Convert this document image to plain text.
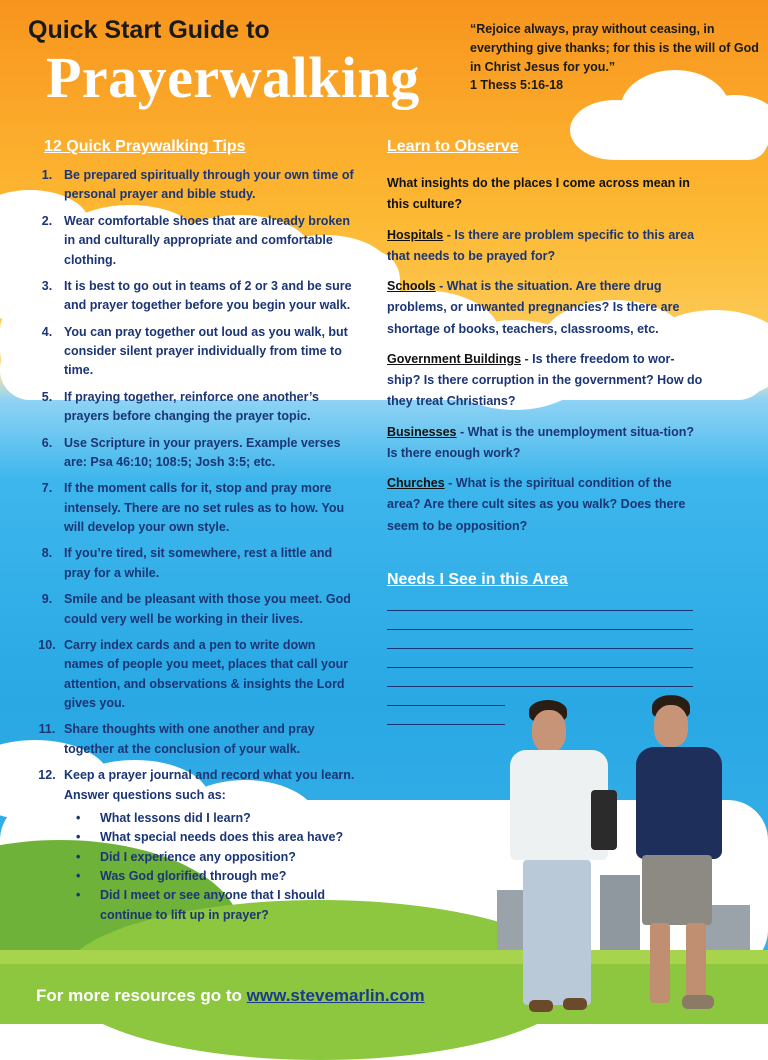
Quick Start Guide to
Prayerwalking
“Rejoice always, pray without ceasing, in everything give thanks; for this is the will of God in Christ Jesus for you.”
1 Thess 5:16-18
12 Quick Praywalking Tips
1. Be prepared spiritually through your own time of personal prayer and bible study.
2. Wear comfortable shoes that are already broken in and culturally appropriate and comfortable clothing.
3. It is best to go out in teams of 2 or 3 and be sure and prayer together before you begin your walk.
4. You can pray together out loud as you walk, but consider silent prayer individually from time to time.
5. If praying together, reinforce one another’s prayers before changing the prayer topic.
6. Use Scripture in your prayers. Example verses are: Psa 46:10; 108:5; Josh 3:5; etc.
7. If the moment calls for it, stop and pray more intensely. There are no set rules as to how. You will develop your own style.
8. If you’re tired, sit somewhere, rest a little and pray for a while.
9. Smile and be pleasant with those you meet. God could very well be working in their lives.
10. Carry index cards and a pen to write down names of people you meet, places that call your attention, and observations & insights the Lord gives you.
11. Share thoughts with one another and pray together at the conclusion of your walk.
12. Keep a prayer journal and record what you learn. Answer questions such as:
•	What lessons did I learn?
•	What special needs does this area have?
•	Did I experience any opposition?
•	Was God glorified through me?
•	Did I meet or see anyone that I should continue to lift up in prayer?
Learn to Observe

What insights do the places I come across mean in this culture?

Hospitals - Is there are problem specific to this area that needs to be prayed for?

Schools - What is the situation. Are there drug problems, or unwanted pregnancies? Is there are shortage of books, teachers, classrooms, etc.

Government Buildings - Is there freedom to wor-ship? Is there corruption in the government? How do they treat Christians?

Businesses - What is the unemployment situa-tion? Is there enough work?

Churches - What is the spiritual condition of the area? Are there cult sites as you walk? Does there seem to be opposition?

Needs I See in this Area

For more resources go to www.stevemarlin.com
